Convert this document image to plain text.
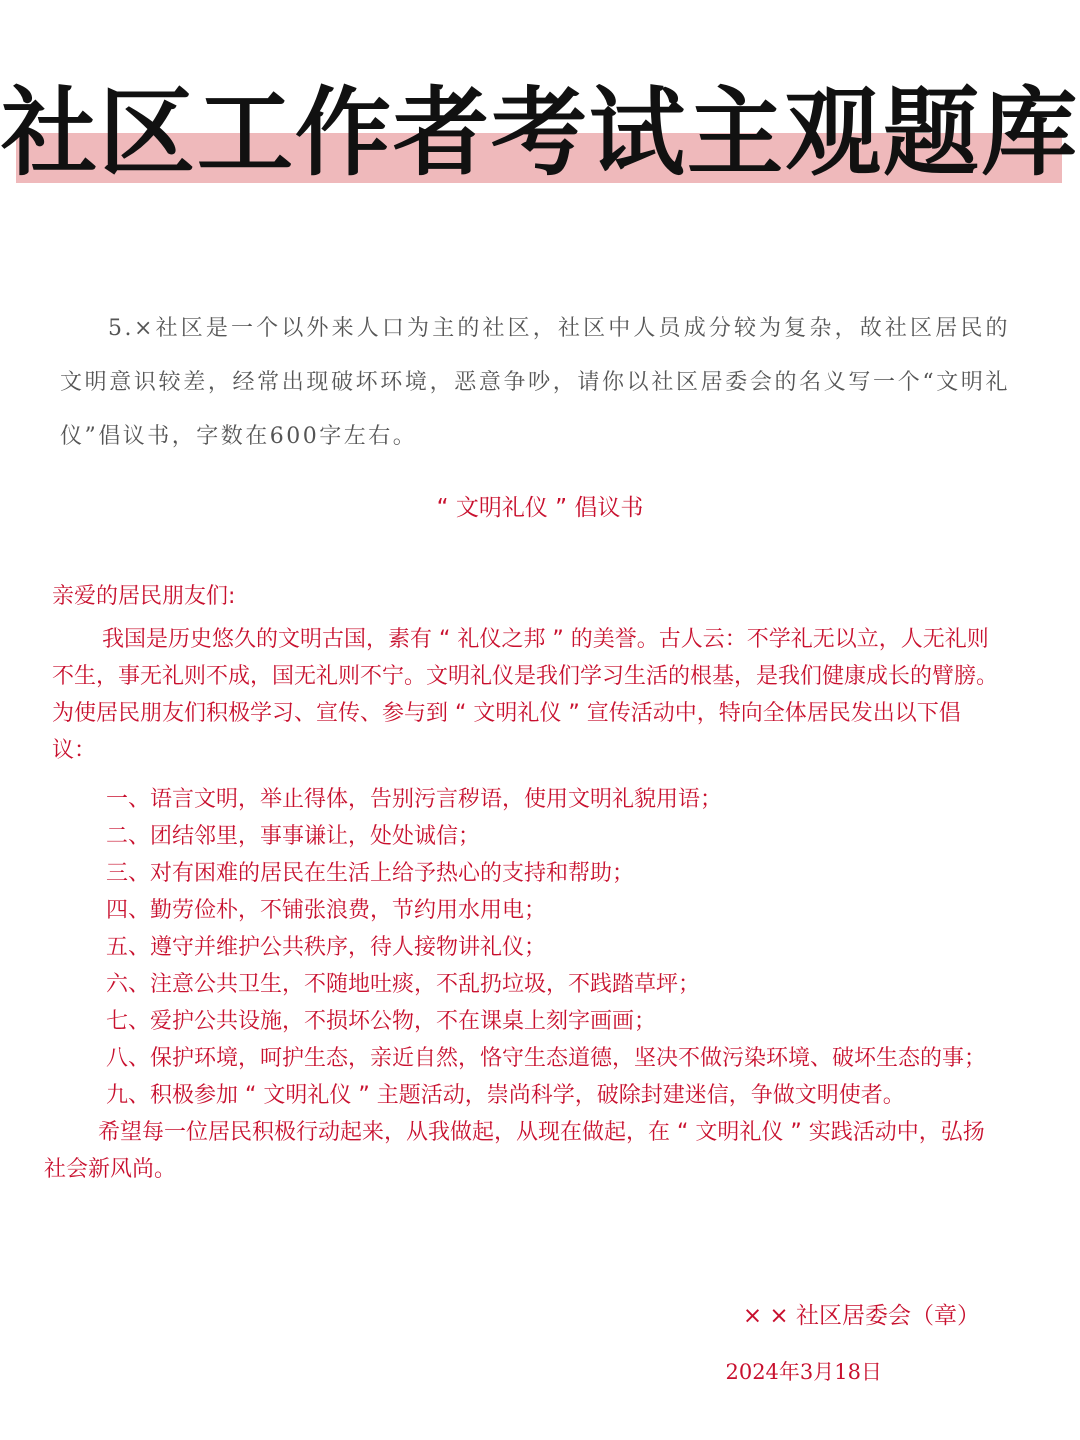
社区工作者考试主观题库

5.×社区是一个以外来人口为主的社区，社区中人员成分较为复杂，故社区居民的文明意识较差，经常出现破坏环境，恶意争吵，请你以社区居委会的名义写一个“文明礼仪”倡议书，字数在600字左右。

“ 文明礼仪 ” 倡议书

亲爱的居民朋友们:

我国是历史悠久的文明古国，素有 “ 礼仪之邦 ” 的美誉。古人云：不学礼无以立，人无礼则不生，事无礼则不成，国无礼则不宁。文明礼仪是我们学习生活的根基，是我们健康成长的臂膀。为使居民朋友们积极学习、宣传、参与到 “ 文明礼仪 ” 宣传活动中，特向全体居民发出以下倡议：

一、语言文明，举止得体，告别污言秽语，使用文明礼貌用语；

二、团结邻里，事事谦让，处处诚信；

三、对有困难的居民在生活上给予热心的支持和帮助；

四、勤劳俭朴，不铺张浪费，节约用水用电；

五、遵守并维护公共秩序，待人接物讲礼仪；

六、注意公共卫生，不随地吐痰，不乱扔垃圾，不践踏草坪；

七、爱护公共设施，不损坏公物，不在课桌上刻字画画；

八、保护环境，呵护生态，亲近自然，恪守生态道德，坚决不做污染环境、破坏生态的事；

九、积极参加 “ 文明礼仪 ” 主题活动，崇尚科学，破除封建迷信，争做文明使者。

希望每一位居民积极行动起来，从我做起，从现在做起，在 “ 文明礼仪 ” 实践活动中，弘扬社会新风尚。

× × 社区居委会（章）
2024年3月18日
